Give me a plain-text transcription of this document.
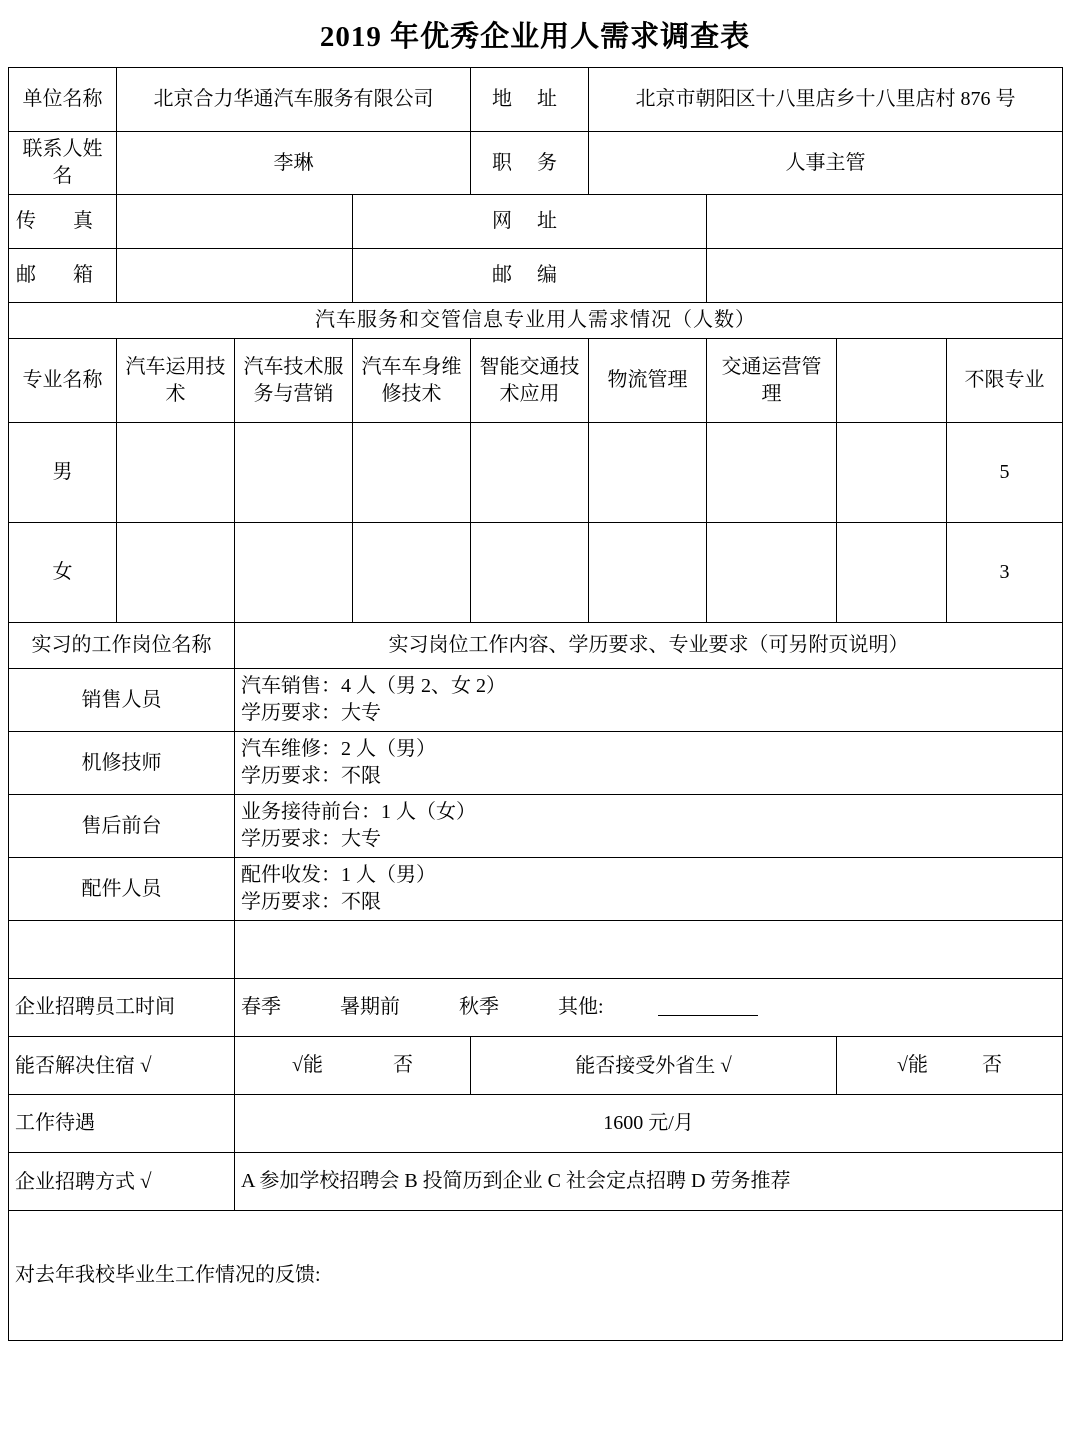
2019 年优秀企业用人需求调查表
单位名称	北京合力华通汽车服务有限公司			地 址	北京市朝阳区十八里店乡十八里店村 876 号			
联系人姓名	李琳			职 务	人事主管			
传 真			网 址					
邮 箱			邮 编					
汽车服务和交管信息专业用人需求情况（人数）								
专业名称	汽车运用技术	汽车技术服务与营销	汽车车身维修技术	智能交通技术应用	物流管理	交通运营管理		不限专业
男								5
女								3
实习的工作岗位名称		实习岗位工作内容、学历要求、专业要求（可另附页说明）						
销售人员		汽车销售：4 人（男 2、女 2）
学历要求：大专						

机修技师		汽车维修：2 人（男）
学历要求：不限						

售后前台		业务接待前台：1 人（女）
学历要求：大专						

配件人员		配件收发：1 人（男）
学历要求：不限						

企业招聘员工时间		春季 暑期前 秋季 其他:						
能否解决住宿 √		√能 否		能否接受外省生 √			√能 否	
工作待遇		1600 元/月						
企业招聘方式 √		A 参加学校招聘会 B 投简历到企业 C 社会定点招聘 D 劳务推荐						

对去年我校毕业生工作情况的反馈:								
